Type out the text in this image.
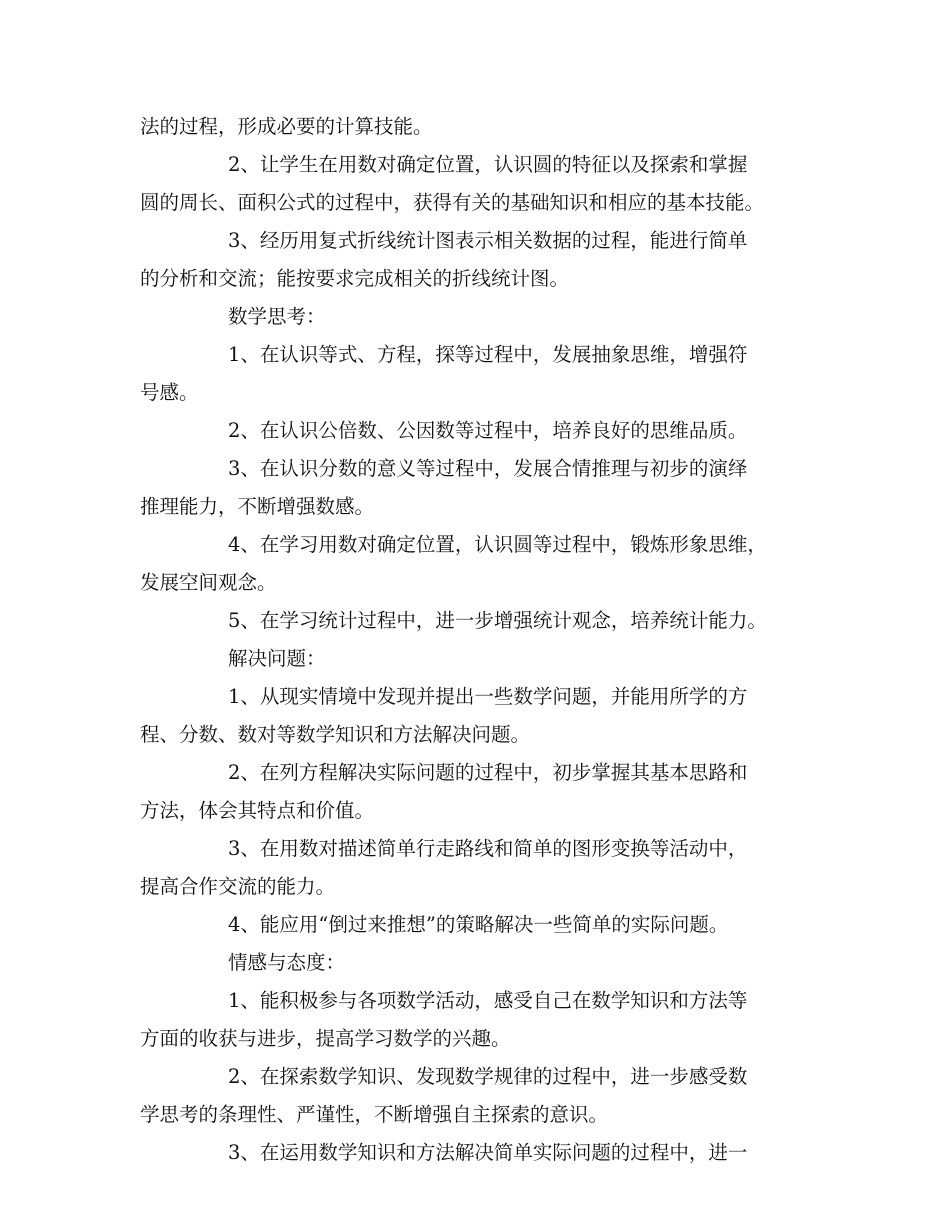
法的过程，形成必要的计算技能。
2、让学生在用数对确定位置，认识圆的特征以及探索和掌握
圆的周长、面积公式的过程中，获得有关的基础知识和相应的基本技能。
3、经历用复式折线统计图表示相关数据的过程，能进行简单
的分析和交流；能按要求完成相关的折线统计图。
数学思考：
1、在认识等式、方程，探等过程中，发展抽象思维，增强符
号感。
2、在认识公倍数、公因数等过程中，培养良好的思维品质。
3、在认识分数的意义等过程中，发展合情推理与初步的演绎
推理能力，不断增强数感。
4、在学习用数对确定位置，认识圆等过程中，锻炼形象思维，
发展空间观念。
5、在学习统计过程中，进一步增强统计观念，培养统计能力。
解决问题：
1、从现实情境中发现并提出一些数学问题，并能用所学的方
程、分数、数对等数学知识和方法解决问题。
2、在列方程解决实际问题的过程中，初步掌握其基本思路和
方法，体会其特点和价值。
3、在用数对描述简单行走路线和简单的图形变换等活动中，
提高合作交流的能力。
4、能应用“倒过来推想”的策略解决一些简单的实际问题。
情感与态度：
1、能积极参与各项数学活动，感受自己在数学知识和方法等
方面的收获与进步，提高学习数学的兴趣。
2、在探索数学知识、发现数学规律的过程中，进一步感受数
学思考的条理性、严谨性，不断增强自主探索的意识。
3、在运用数学知识和方法解决简单实际问题的过程中，进一
